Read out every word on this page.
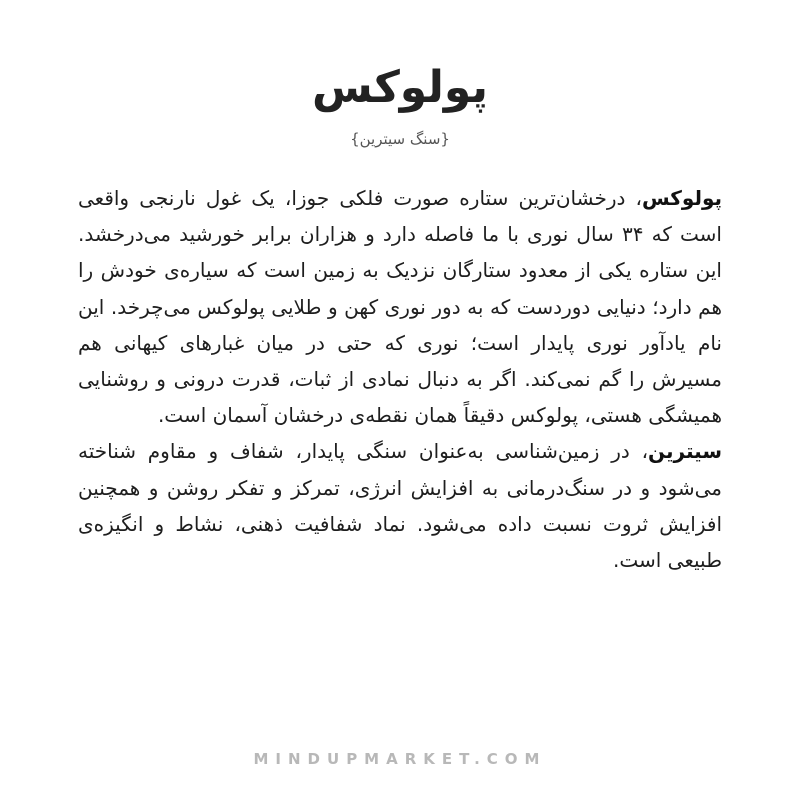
پولوکس
{سنگ سیترین}

پولوکس، درخشان‌ترین ستاره صورت فلکی جوزا، یک غول نارنجی واقعی است که ۳۴ سال نوری با ما فاصله دارد و هزاران برابر خورشید می‌درخشد. این ستاره یکی از معدود ستارگان نزدیک به زمین است که سیاره‌ی خودش را هم دارد؛ دنیایی دوردست که به دور نوری کهن و طلایی پولوکس می‌چرخد. این نام یادآور نوری پایدار است؛ نوری که حتی در میان غبارهای کیهانی هم مسیرش را گم نمی‌کند. اگر به دنبال نمادی از ثبات، قدرت درونی و روشنایی همیشگی هستی، پولوکس دقیقاً همان نقطه‌ی درخشان آسمان است.

سیترین، در زمین‌شناسی به‌عنوان سنگی پایدار، شفاف و مقاوم شناخته می‌شود و در سنگ‌درمانی به افزایش انرژی، تمرکز و تفکر روشن و همچنین افزایش ثروت نسبت داده می‌شود. نماد شفافیت ذهنی، نشاط و انگیزه‌ی طبیعی است.

MINDUPMARKET.COM
